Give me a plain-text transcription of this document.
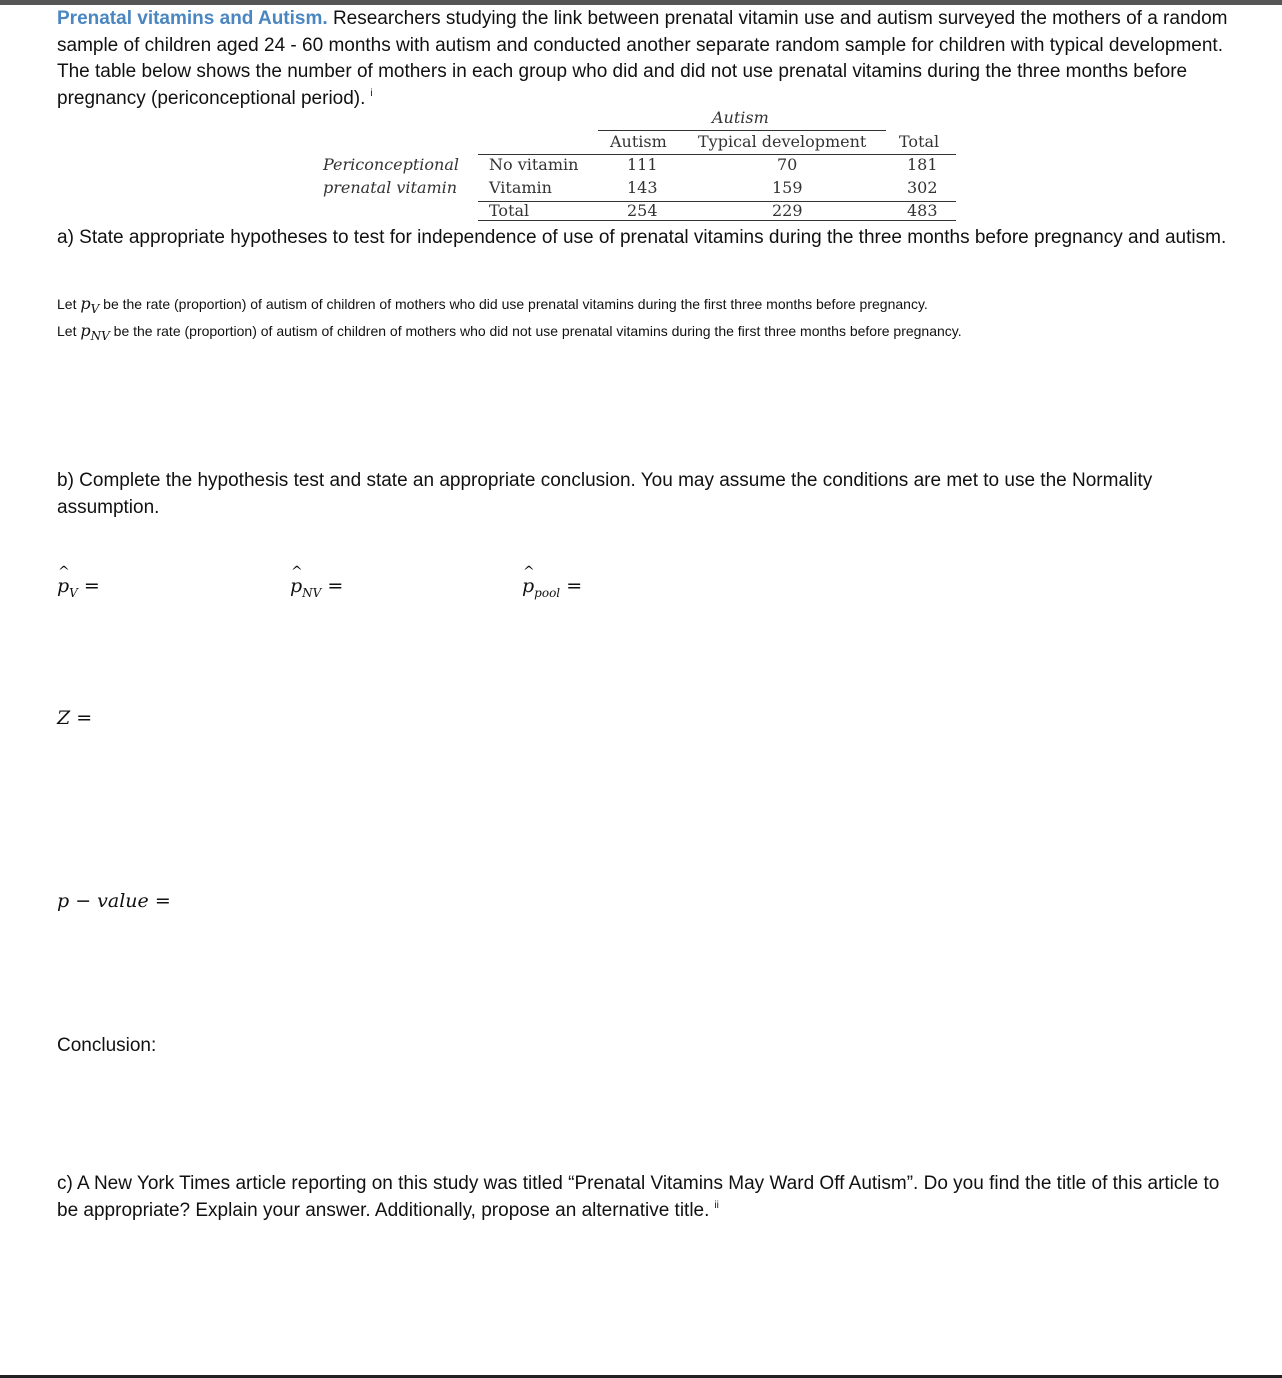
Prenatal vitamins and Autism. Researchers studying the link between prenatal vitamin use and autism surveyed the mothers of a random sample of children aged 24 - 60 months with autism and conducted another separate random sample for children with typical development. The table below shows the number of mothers in each group who did and did not use prenatal vitamins during the three months before pregnancy (periconceptional period). $^i$

Autism
Autism Typical development Total
Periconceptional
prenatal vitamin
No vitamin	111	70	181
Vitamin	143	159	302
Total	254	229	483

a) State appropriate hypotheses to test for independence of use of prenatal vitamins during the three months before pregnancy and autism.

Let $p_V$ be the rate (proportion) of autism of children of mothers who did use prenatal vitamins during the first three months before pregnancy.
Let $p_{NV}$ be the rate (proportion) of autism of children of mothers who did not use prenatal vitamins during the first three months before pregnancy.

b) Complete the hypothesis test and state an appropriate conclusion. You may assume the conditions are met to use the Normality assumption.

^ $p_V$ =	^ $p_{NV}$ =	^ $p_{pool}$ =
Z =
p − value =
Conclusion:

c) A New York Times article reporting on this study was titled “Prenatal Vitamins May Ward Off Autism”. Do you find the title of this article to be appropriate? Explain your answer. Additionally, propose an alternative title. $^{ii}$
